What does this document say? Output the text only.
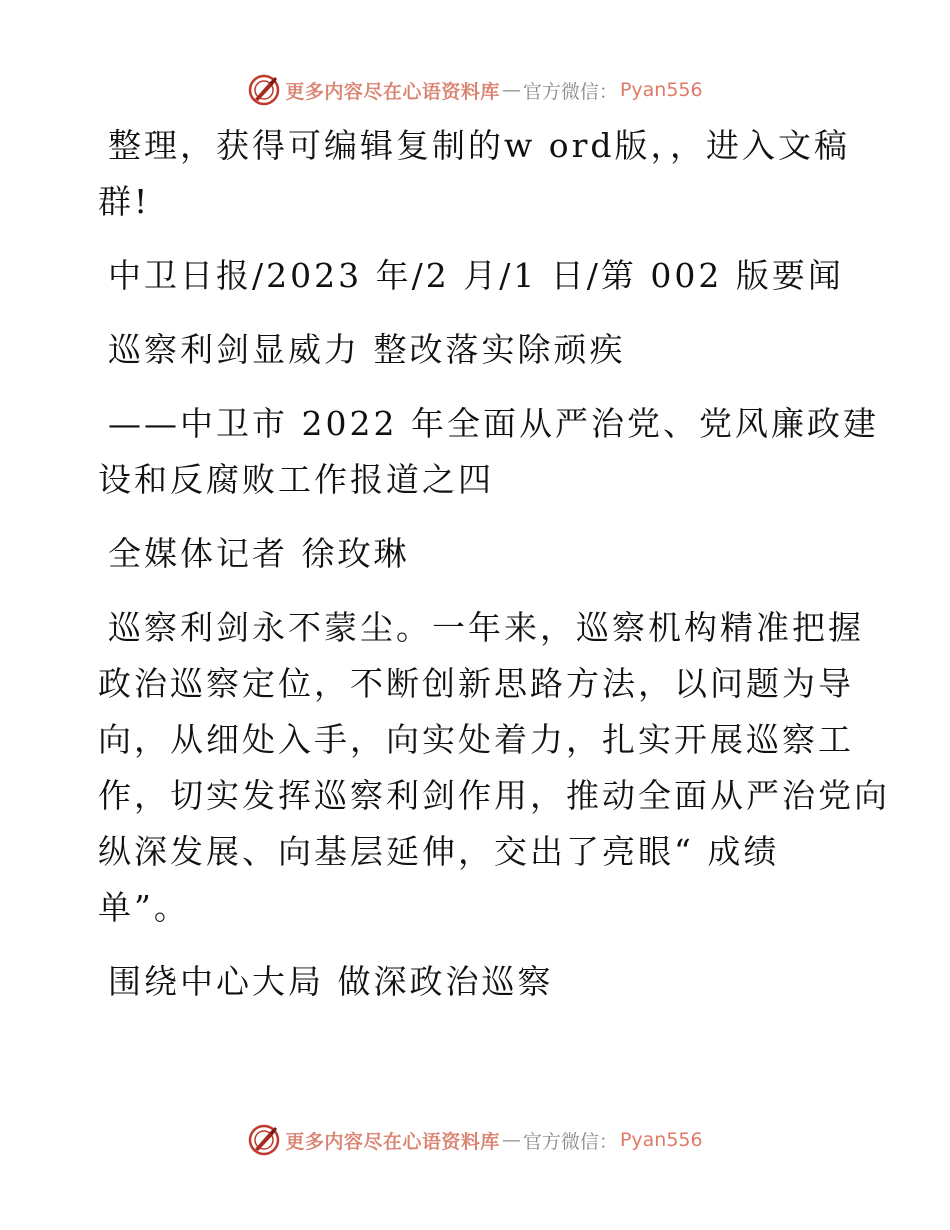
更多内容尽在心语资料库 — 官方微信： Pyan556

整理，获得可编辑复制的w ord版，，进入文稿

群!

中卫日报/2023 年/2 月/1 日/第 002 版要闻

巡察利剑显威力 整改落实除顽疾

——中卫市 2022 年全面从严治党、党风廉政建

设和反腐败工作报道之四

全媒体记者 徐玫琳

巡察利剑永不蒙尘。一年来，巡察机构精准把握

政治巡察定位，不断创新思路方法，以问题为导

向，从细处入手，向实处着力，扎实开展巡察工

作，切实发挥巡察利剑作用，推动全面从严治党向

纵深发展、向基层延伸，交出了亮眼“ 成绩

单”。

围绕中心大局 做深政治巡察

更多内容尽在心语资料库 — 官方微信： Pyan556
